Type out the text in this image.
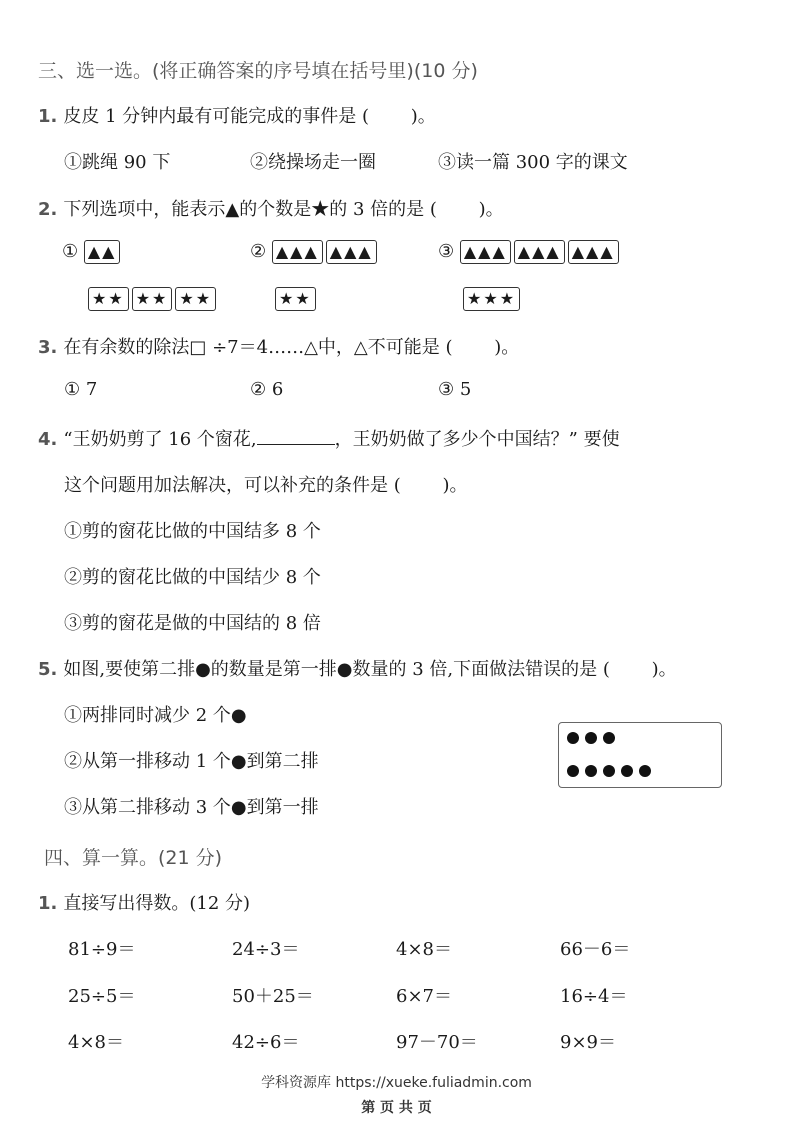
三、选一选。(将正确答案的序号填在括号里)(10 分)
1. 皮皮 1 分钟内最有可能完成的事件是 (　　 )。
①跳绳 90 下	②绕操场走一圈	③读一篇 300 字的课文
2. 下列选项中，能表示▲的个数是★的 3 倍的是 (　　 )。
① ▲▲
★★ ★★ ★★
② ▲▲▲ ▲▲▲
★★
③ ▲▲▲ ▲▲▲ ▲▲▲
★★★
3. 在有余数的除法□ ÷7＝4……△中，△不可能是 (　　 )。
① 7	② 6	③ 5
4. “王奶奶剪了 16 个窗花,	，王奶奶做了多少个中国结？” 要使
这个问题用加法解决，可以补充的条件是 (　　 )。
①剪的窗花比做的中国结多 8 个
②剪的窗花比做的中国结少 8 个
③剪的窗花是做的中国结的 8 倍
5. 如图,要使第二排●的数量是第一排●数量的 3 倍,下面做法错误的是 (　　 )。
①两排同时减少 2 个●
②从第一排移动 1 个●到第二排
③从第二排移动 3 个●到第一排
四、算一算。(21 分)
1. 直接写出得数。(12 分)
81÷9＝	24÷3＝	4×8＝	66－6＝
25÷5＝	50＋25＝	6×7＝	16÷4＝
4×8＝	42÷6＝	97－70＝	9×9＝
学科资源库 https://xueke.fuliadmin.com
第 页 共 页
